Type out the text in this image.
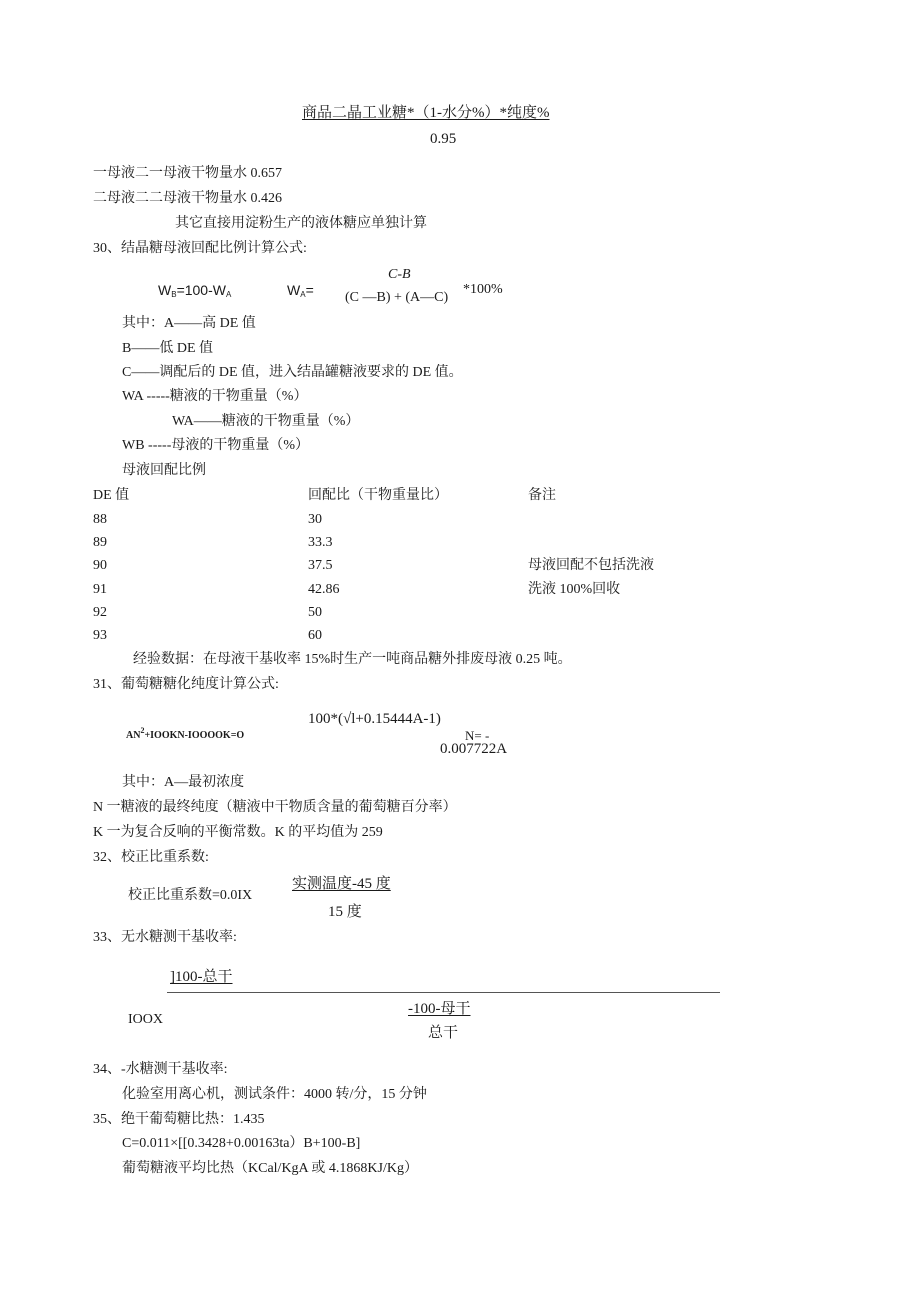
商品二晶工业糖*（1-水分%）*纯度%
0.95
一母液二一母液干物量水 0.657
二母液二二母液干物量水 0.426
其它直接用淀粉生产的液体糖应单独计算
30、结晶糖母液回配比例计算公式:
$W_B=100-W_A$	$W_A=$
C-B
(C —B) + (A—C)
*100%
其中：A——高 DE 值
B——低 DE 值
C——调配后的 DE 值，进入结晶罐糖液要求的 DE 值。
WA -----糖液的干物重量（%）
WA——糖液的干物重量（%）
WB -----母液的干物重量（%）
母液回配比例
DE 值	回配比（干物重量比）	备注
88	30
89	33.3
90	37.5	母液回配不包括洗液
91	42.86	洗液 100%回收
92	50
93	60
经验数据：在母液干基收率 15%时生产一吨商品糖外排废母液 0.25 吨。
31、葡萄糖糖化纯度计算公式:
$AN^2+IOOKN-IOOOOK=O$
100*(√l+0.15444A-1)
N= -
0.007722A
其中：A—最初浓度
N 一糖液的最终纯度（糖液中干物质含量的葡萄糖百分率）
K 一为复合反响的平衡常数。K 的平均值为 259
32、校正比重系数:
校正比重系数=0.0IX
实测温度-45 度
15 度
33、无水糖测干基收率:
]100-总干
IOOX
-100-母干
总干
34、-水糖测干基收率:
化验室用离心机，测试条件：4000 转/分，15 分钟
35、绝干葡萄糖比热：1.435
C=0.011×[[0.3428+0.00163ta）B+100-B]
葡萄糖液平均比热（KCal/KgA 或 4.1868KJ/Kg）
